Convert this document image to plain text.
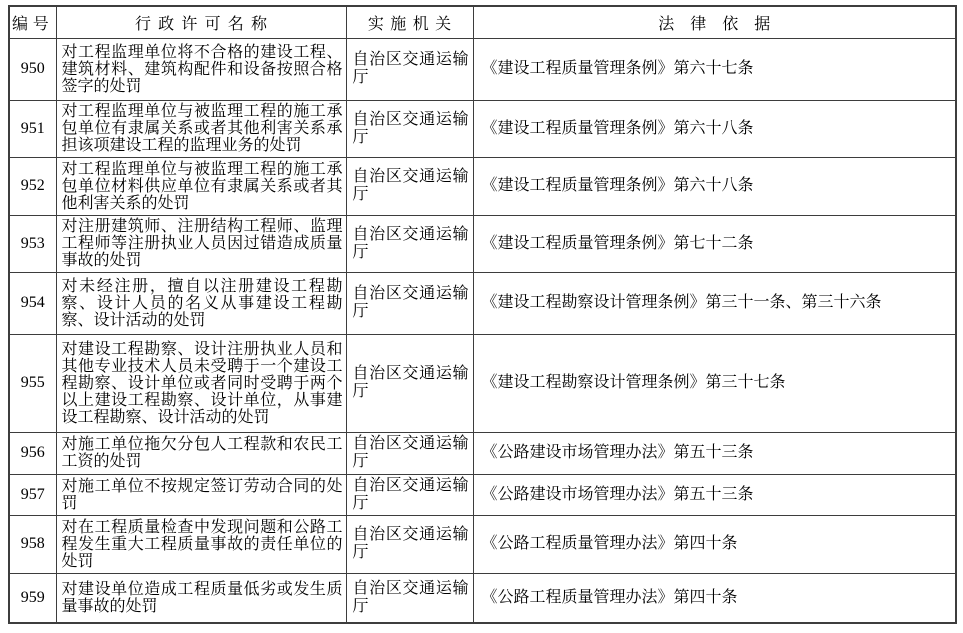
编号	行政许可名称	实施机关	法律依据
950	对工程监理单位将不合格的建设工程、建筑材料、建筑构配件和设备按照合格签字的处罚	自治区交通运输厅	《建设工程质量管理条例》第六十七条
951	对工程监理单位与被监理工程的施工承包单位有隶属关系或者其他利害关系承担该项建设工程的监理业务的处罚	自治区交通运输厅	《建设工程质量管理条例》第六十八条
952	对工程监理单位与被监理工程的施工承包单位材料供应单位有隶属关系或者其他利害关系的处罚	自治区交通运输厅	《建设工程质量管理条例》第六十八条
953	对注册建筑师、注册结构工程师、监理工程师等注册执业人员因过错造成质量事故的处罚	自治区交通运输厅	《建设工程质量管理条例》第七十二条
954	对未经注册，擅自以注册建设工程勘察、设计人员的名义从事建设工程勘察、设计活动的处罚	自治区交通运输厅	《建设工程勘察设计管理条例》第三十一条、第三十六条
955	对建设工程勘察、设计注册执业人员和其他专业技术人员未受聘于一个建设工程勘察、设计单位或者同时受聘于两个以上建设工程勘察、设计单位，从事建设工程勘察、设计活动的处罚	自治区交通运输厅	《建设工程勘察设计管理条例》第三十七条
956	对施工单位拖欠分包人工程款和农民工工资的处罚	自治区交通运输厅	《公路建设市场管理办法》第五十三条
957	对施工单位不按规定签订劳动合同的处罚	自治区交通运输厅	《公路建设市场管理办法》第五十三条
958	对在工程质量检查中发现问题和公路工程发生重大工程质量事故的责任单位的处罚	自治区交通运输厅	《公路工程质量管理办法》第四十条
959	对建设单位造成工程质量低劣或发生质量事故的处罚	自治区交通运输厅	《公路工程质量管理办法》第四十条
